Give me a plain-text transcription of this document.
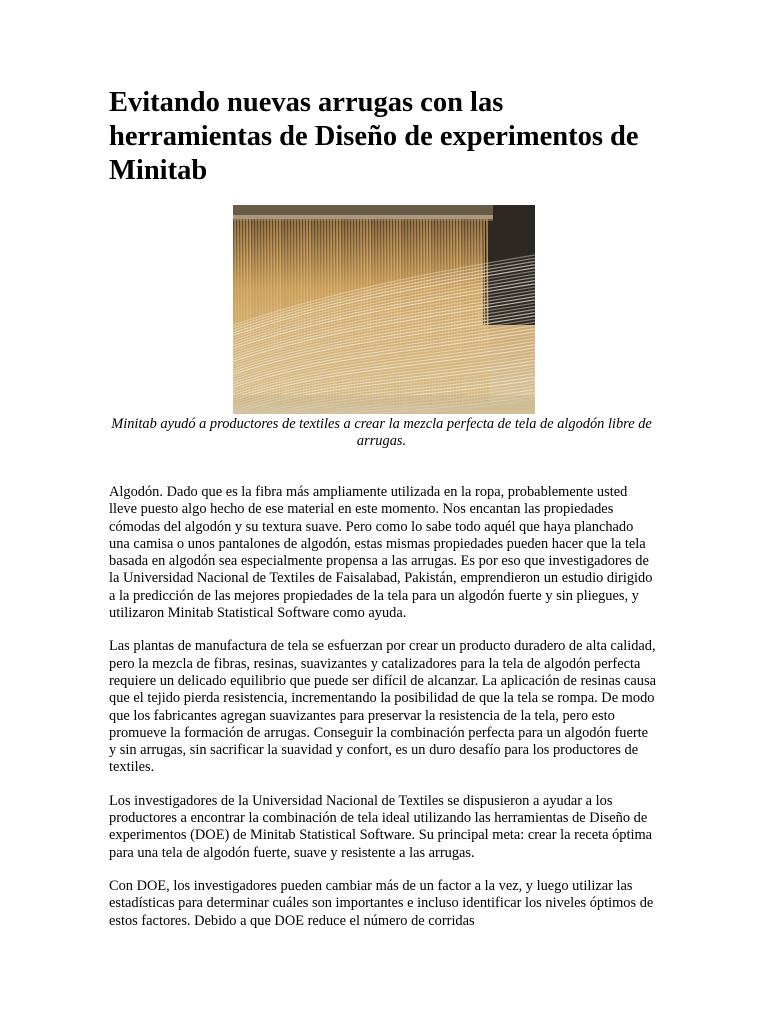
Evitando nuevas arrugas con las herramientas de Diseño de experimentos de Minitab

Minitab ayudó a productores de textiles a crear la mezcla perfecta de tela de algodón libre de arrugas.

Algodón. Dado que es la fibra más ampliamente utilizada en la ropa, probablemente usted lleve puesto algo hecho de ese material en este momento. Nos encantan las propiedades cómodas del algodón y su textura suave. Pero como lo sabe todo aquél que haya planchado una camisa o unos pantalones de algodón, estas mismas propiedades pueden hacer que la tela basada en algodón sea especialmente propensa a las arrugas. Es por eso que investigadores de la Universidad Nacional de Textiles de Faisalabad, Pakistán, emprendieron un estudio dirigido a la predicción de las mejores propiedades de la tela para un algodón fuerte y sin pliegues, y utilizaron Minitab Statistical Software como ayuda.

Las plantas de manufactura de tela se esfuerzan por crear un producto duradero de alta calidad, pero la mezcla de fibras, resinas, suavizantes y catalizadores para la tela de algodón perfecta requiere un delicado equilibrio que puede ser difícil de alcanzar. La aplicación de resinas causa que el tejido pierda resistencia, incrementando la posibilidad de que la tela se rompa. De modo que los fabricantes agregan suavizantes para preservar la resistencia de la tela, pero esto promueve la formación de arrugas. Conseguir la combinación perfecta para un algodón fuerte y sin arrugas, sin sacrificar la suavidad y confort, es un duro desafío para los productores de textiles.

Los investigadores de la Universidad Nacional de Textiles se dispusieron a ayudar a los productores a encontrar la combinación de tela ideal utilizando las herramientas de Diseño de experimentos (DOE) de Minitab Statistical Software. Su principal meta: crear la receta óptima para una tela de algodón fuerte, suave y resistente a las arrugas.

Con DOE, los investigadores pueden cambiar más de un factor a la vez, y luego utilizar las estadísticas para determinar cuáles son importantes e incluso identificar los niveles óptimos de estos factores. Debido a que DOE reduce el número de corridas
